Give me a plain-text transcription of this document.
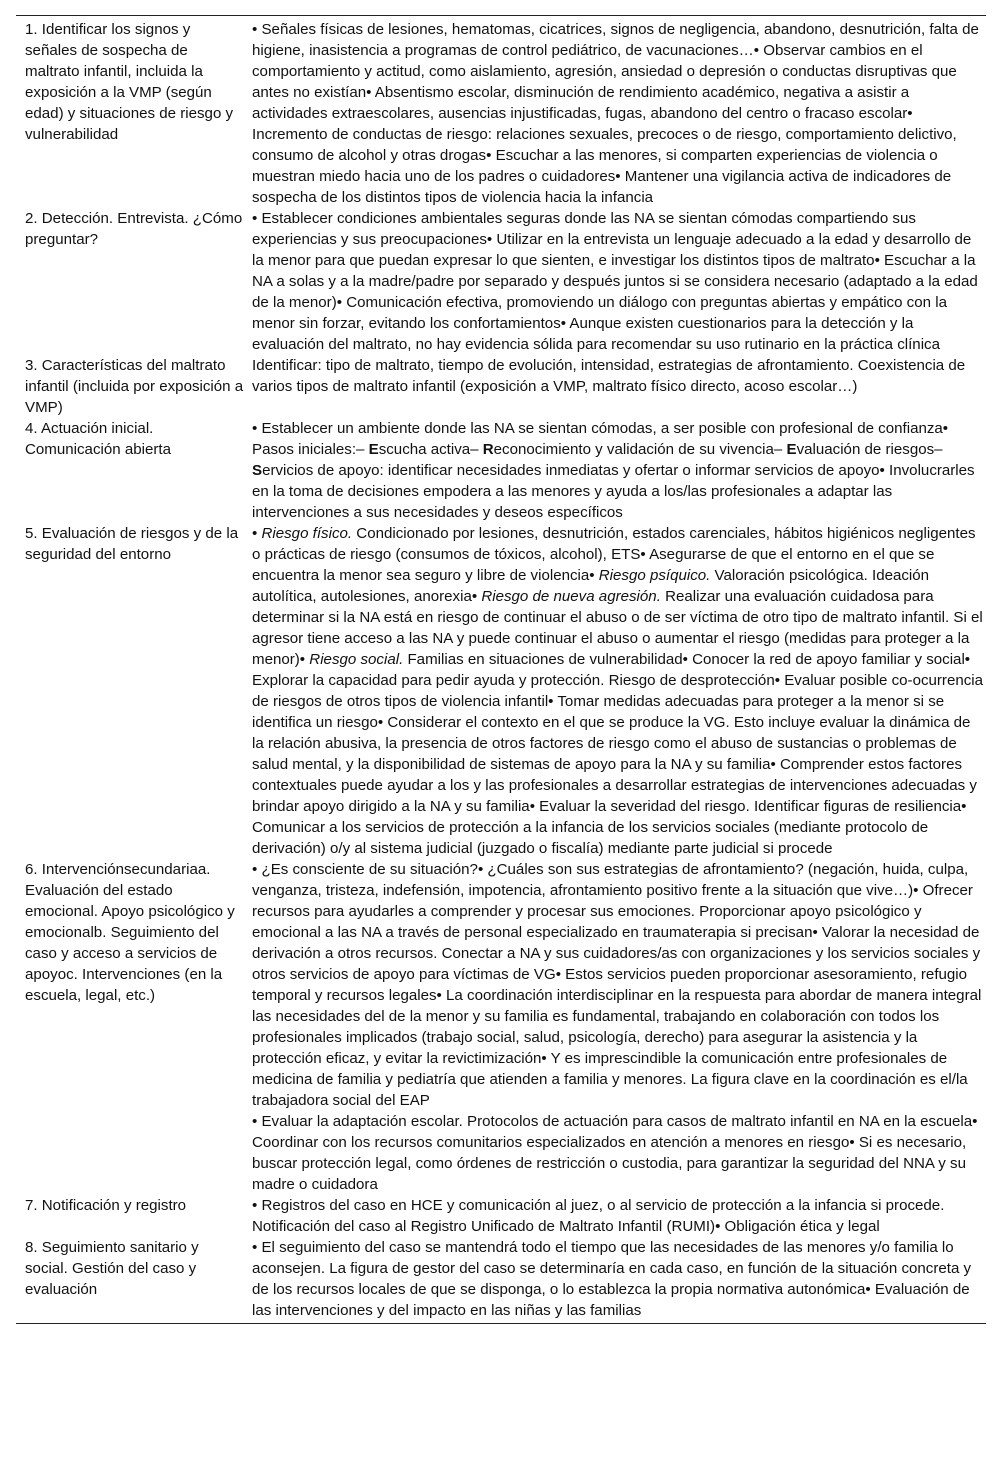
1. Identificar los signos y señales de sospecha de maltrato infantil, incluida la exposición a la VMP (según edad) y situaciones de riesgo y vulnerabilidad	• Señales físicas de lesiones, hematomas, cicatrices, signos de negligencia, abandono, desnutrición, falta de higiene, inasistencia a programas de control pediátrico, de vacunaciones…• Observar cambios en el comportamiento y actitud, como aislamiento, agresión, ansiedad o depresión o conductas disruptivas que antes no existían• Absentismo escolar, disminución de rendimiento académico, negativa a asistir a actividades extraescolares, ausencias injustificadas, fugas, abandono del centro o fracaso escolar• Incremento de conductas de riesgo: relaciones sexuales, precoces o de riesgo, comportamiento delictivo, consumo de alcohol y otras drogas• Escuchar a las menores, si comparten experiencias de violencia o muestran miedo hacia uno de los padres o cuidadores• Mantener una vigilancia activa de indicadores de sospecha de los distintos tipos de violencia hacia la infancia

2. Detección. Entrevista. ¿Cómo preguntar?	• Establecer condiciones ambientales seguras donde las NA se sientan cómodas compartiendo sus experiencias y sus preocupaciones• Utilizar en la entrevista un lenguaje adecuado a la edad y desarrollo de la menor para que puedan expresar lo que sienten, e investigar los distintos tipos de maltrato• Escuchar a la NA a solas y a la madre/padre por separado y después juntos si se considera necesario (adaptado a la edad de la menor)• Comunicación efectiva, promoviendo un diálogo con preguntas abiertas y empático con la menor sin forzar, evitando los confortamientos• Aunque existen cuestionarios para la detección y la evaluación del maltrato, no hay evidencia sólida para recomendar su uso rutinario en la práctica clínica

3. Características del maltrato infantil (incluida por exposición a VMP)	Identificar: tipo de maltrato, tiempo de evolución, intensidad, estrategias de afrontamiento. Coexistencia de varios tipos de maltrato infantil (exposición a VMP, maltrato físico directo, acoso escolar…)

4. Actuación inicial. Comunicación abierta	• Establecer un ambiente donde las NA se sientan cómodas, a ser posible con profesional de confianza• Pasos iniciales:– Escucha activa– Reconocimiento y validación de su vivencia– Evaluación de riesgos– Servicios de apoyo: identificar necesidades inmediatas y ofertar o informar servicios de apoyo• Involucrarles en la toma de decisiones empodera a las menores y ayuda a los/las profesionales a adaptar las intervenciones a sus necesidades y deseos específicos

5. Evaluación de riesgos y de la seguridad del entorno	• Riesgo físico. Condicionado por lesiones, desnutrición, estados carenciales, hábitos higiénicos negligentes o prácticas de riesgo (consumos de tóxicos, alcohol), ETS• Asegurarse de que el entorno en el que se encuentra la menor sea seguro y libre de violencia• Riesgo psíquico. Valoración psicológica. Ideación autolítica, autolesiones, anorexia• Riesgo de nueva agresión. Realizar una evaluación cuidadosa para determinar si la NA está en riesgo de continuar el abuso o de ser víctima de otro tipo de maltrato infantil. Si el agresor tiene acceso a las NA y puede continuar el abuso o aumentar el riesgo (medidas para proteger a la menor)• Riesgo social. Familias en situaciones de vulnerabilidad• Conocer la red de apoyo familiar y social• Explorar la capacidad para pedir ayuda y protección. Riesgo de desprotección• Evaluar posible co-ocurrencia de riesgos de otros tipos de violencia infantil• Tomar medidas adecuadas para proteger a la menor si se identifica un riesgo• Considerar el contexto en el que se produce la VG. Esto incluye evaluar la dinámica de la relación abusiva, la presencia de otros factores de riesgo como el abuso de sustancias o problemas de salud mental, y la disponibilidad de sistemas de apoyo para la NA y su familia• Comprender estos factores contextuales puede ayudar a los y las profesionales a desarrollar estrategias de intervenciones adecuadas y brindar apoyo dirigido a la NA y su familia• Evaluar la severidad del riesgo. Identificar figuras de resiliencia• Comunicar a los servicios de protección a la infancia de los servicios sociales (mediante protocolo de derivación) o/y al sistema judicial (juzgado o fiscalía) mediante parte judicial si procede

6. Intervenciónsecundariaa. Evaluación del estado emocional. Apoyo psicológico y emocionalb. Seguimiento del caso y acceso a servicios de apoyoc. Intervenciones (en la escuela, legal, etc.)	• ¿Es consciente de su situación?• ¿Cuáles son sus estrategias de afrontamiento? (negación, huida, culpa, venganza, tristeza, indefensión, impotencia, afrontamiento positivo frente a la situación que vive…)• Ofrecer recursos para ayudarles a comprender y procesar sus emociones. Proporcionar apoyo psicológico y emocional a las NA a través de personal especializado en traumaterapia si precisan• Valorar la necesidad de derivación a otros recursos. Conectar a NA y sus cuidadores/as con organizaciones y los servicios sociales y otros servicios de apoyo para víctimas de VG• Estos servicios pueden proporcionar asesoramiento, refugio temporal y recursos legales• La coordinación interdisciplinar en la respuesta para abordar de manera integral las necesidades del de la menor y su familia es fundamental, trabajando en colaboración con todos los profesionales implicados (trabajo social, salud, psicología, derecho) para asegurar la asistencia y la protección eficaz, y evitar la revictimización• Y es imprescindible la comunicación entre profesionales de medicina de familia y pediatría que atienden a familia y menores. La figura clave en la coordinación es el/la trabajadora social del EAP
• Evaluar la adaptación escolar. Protocolos de actuación para casos de maltrato infantil en NA en la escuela• Coordinar con los recursos comunitarios especializados en atención a menores en riesgo• Si es necesario, buscar protección legal, como órdenes de restricción o custodia, para garantizar la seguridad del NNA y su madre o cuidadora

7. Notificación y registro	• Registros del caso en HCE y comunicación al juez, o al servicio de protección a la infancia si procede. Notificación del caso al Registro Unificado de Maltrato Infantil (RUMI)• Obligación ética y legal

8. Seguimiento sanitario y social. Gestión del caso y evaluación	• El seguimiento del caso se mantendrá todo el tiempo que las necesidades de las menores y/o familia lo aconsejen. La figura de gestor del caso se determinaría en cada caso, en función de la situación concreta y de los recursos locales de que se disponga, o lo establezca la propia normativa autonómica• Evaluación de las intervenciones y del impacto en las niñas y las familias
